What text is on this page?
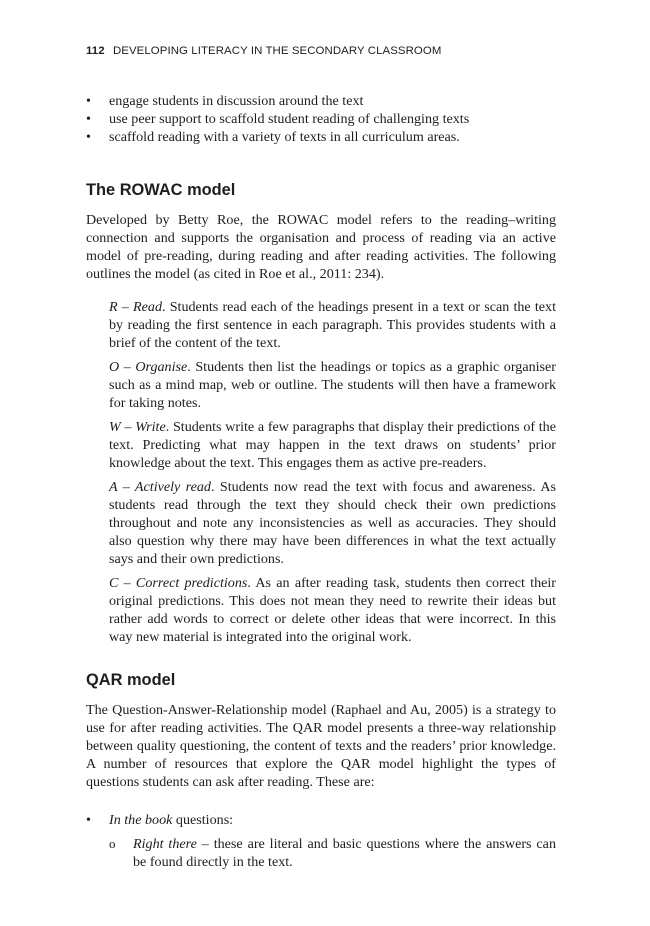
112 DEVELOPING LITERACY IN THE SECONDARY CLASSROOM
• engage students in discussion around the text
• use peer support to scaffold student reading of challenging texts
• scaffold reading with a variety of texts in all curriculum areas.
The ROWAC model

Developed by Betty Roe, the ROWAC model refers to the reading–writing connection and supports the organisation and process of reading via an active model of pre-reading, during reading and after reading activities. The following outlines the model (as cited in Roe et al., 2011: 234).

R – Read. Students read each of the headings present in a text or scan the text by reading the first sentence in each paragraph. This provides students with a brief of the content of the text.

O – Organise. Students then list the headings or topics as a graphic organiser such as a mind map, web or outline. The students will then have a framework for taking notes.

W – Write. Students write a few paragraphs that display their predictions of the text. Predicting what may happen in the text draws on students’ prior knowledge about the text. This engages them as active pre-readers.

A – Actively read. Students now read the text with focus and awareness. As students read through the text they should check their own predictions throughout and note any inconsistencies as well as accuracies. They should also question why there may have been differences in what the text actually says and their own predictions.

C – Correct predictions. As an after reading task, students then correct their original predictions. This does not mean they need to rewrite their ideas but rather add words to correct or delete other ideas that were incorrect. In this way new material is integrated into the original work.

QAR model

The Question-Answer-Relationship model (Raphael and Au, 2005) is a strategy to use for after reading activities. The QAR model presents a three-way relationship between quality questioning, the content of texts and the readers’ prior knowledge. A number of resources that explore the QAR model highlight the types of questions students can ask after reading. These are:

• In the book questions:
o Right there – these are literal and basic questions where the answers can be found directly in the text.
